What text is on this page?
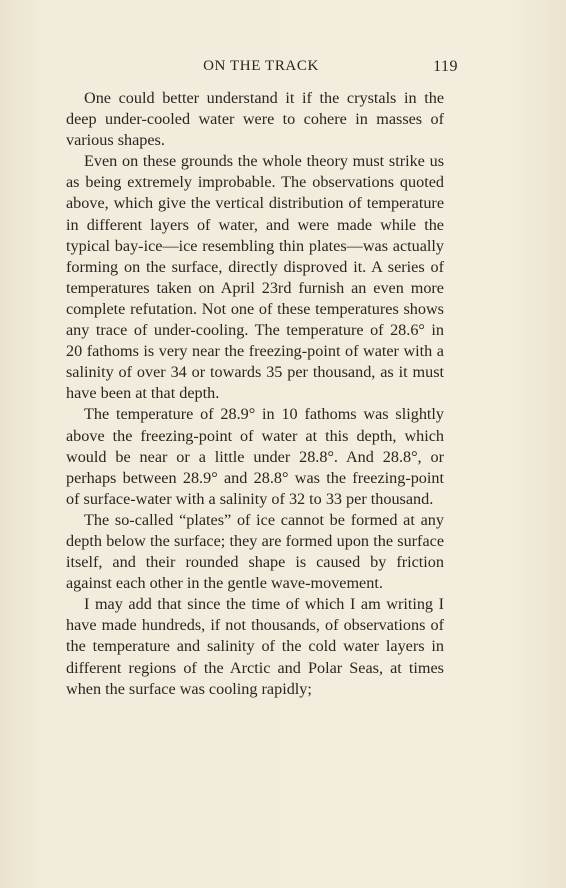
ON THE TRACK	119

One could better understand it if the crystals in the deep under-cooled water were to cohere in masses of various shapes.

Even on these grounds the whole theory must strike us as being extremely improbable. The observations quoted above, which give the vertical distribution of temperature in different layers of water, and were made while the typical bay-ice—ice resembling thin plates—was actually forming on the surface, directly disproved it. A series of temperatures taken on April 23rd furnish an even more complete refutation. Not one of these temperatures shows any trace of under-cooling. The temperature of 28.6° in 20 fathoms is very near the freezing-point of water with a salinity of over 34 or towards 35 per thousand, as it must have been at that depth.

The temperature of 28.9° in 10 fathoms was slightly above the freezing-point of water at this depth, which would be near or a little under 28.8°. And 28.8°, or perhaps between 28.9° and 28.8° was the freezing-point of surface-water with a salinity of 32 to 33 per thousand.

The so-called “plates” of ice cannot be formed at any depth below the surface; they are formed upon the surface itself, and their rounded shape is caused by friction against each other in the gentle wave-movement.

I may add that since the time of which I am writing I have made hundreds, if not thousands, of observations of the temperature and salinity of the cold water layers in different regions of the Arctic and Polar Seas, at times when the surface was cooling rapidly;
